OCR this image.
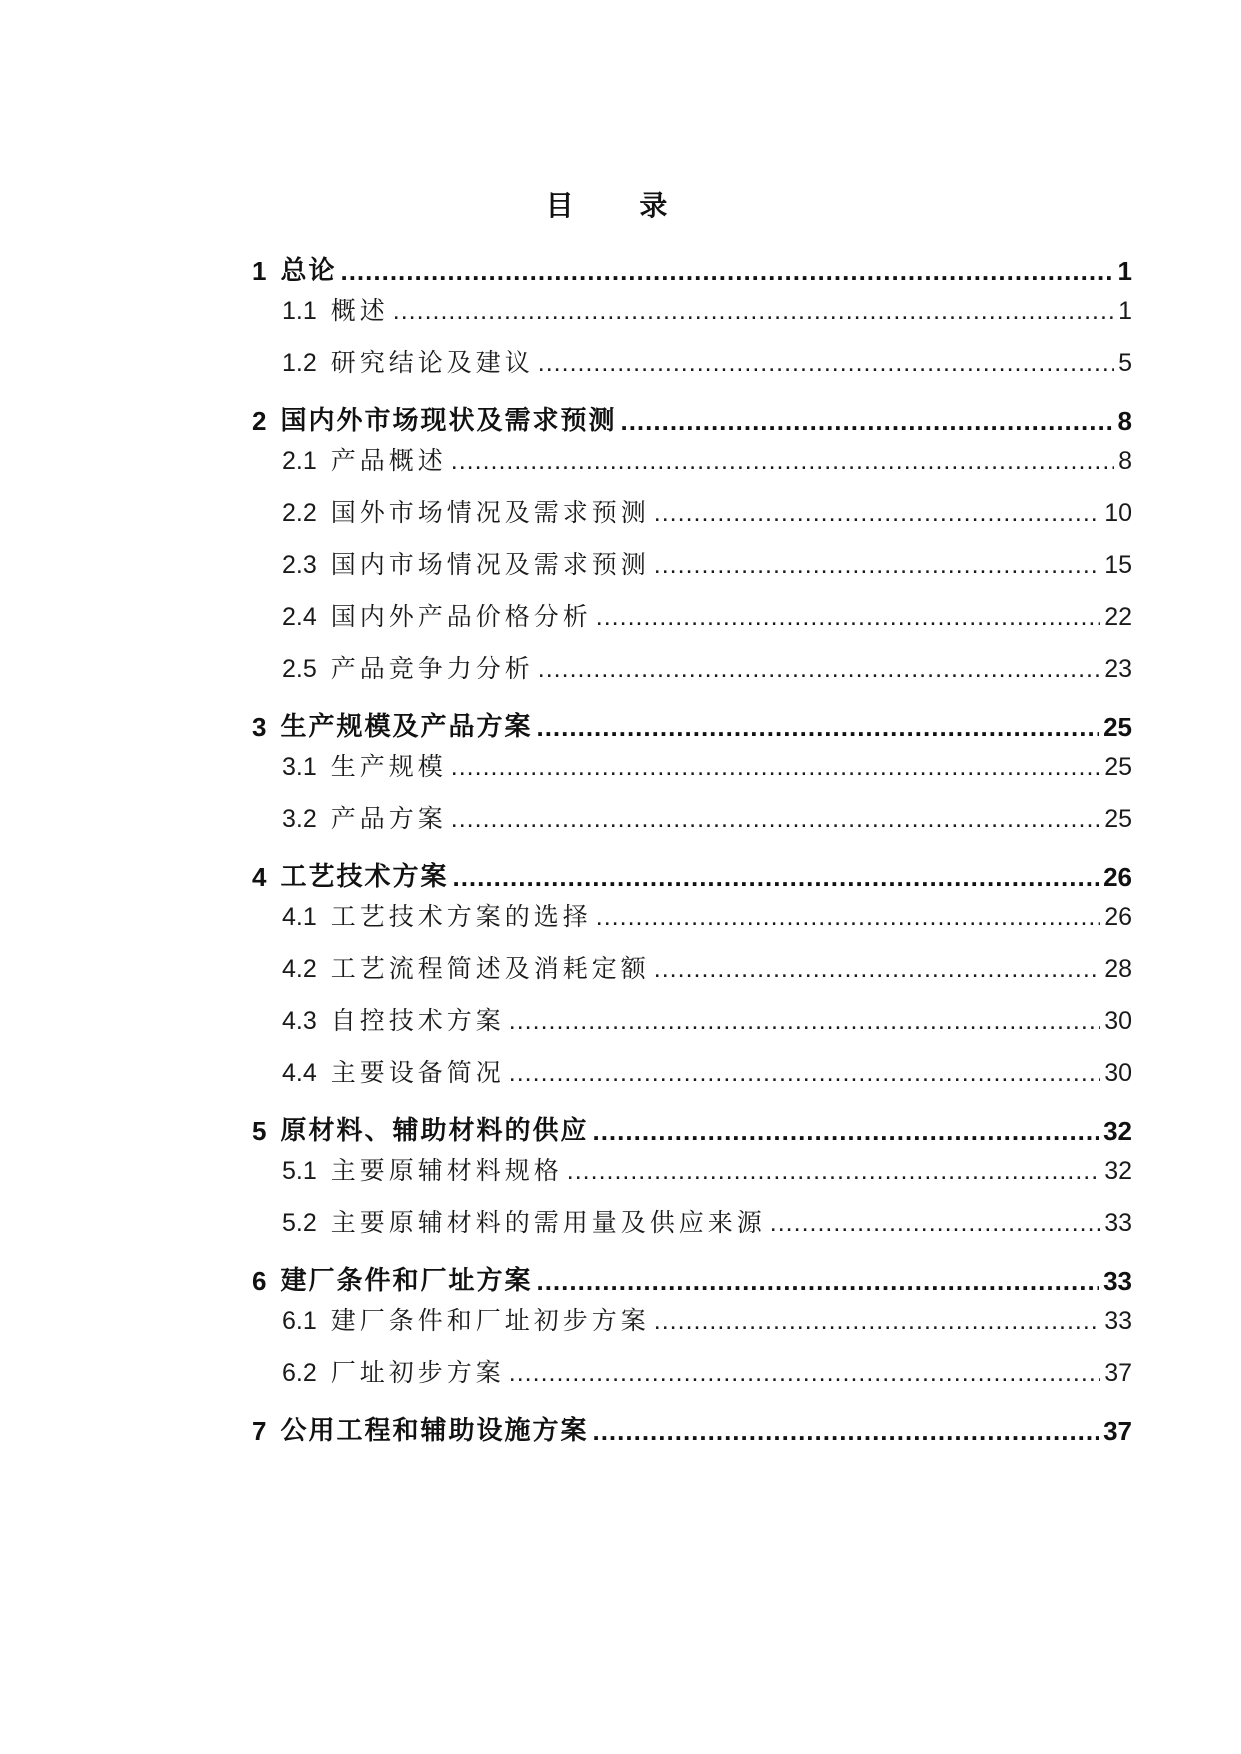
目 录
1 总论 .....	1
1.1 概述 .....	1
1.2 研究结论及建议 .....	5
2 国内外市场现状及需求预测 .....	8
2.1 产品概述 .....	8
2.2 国外市场情况及需求预测 .....	10
2.3 国内市场情况及需求预测 .....	15
2.4 国内外产品价格分析 .....	22
2.5 产品竞争力分析 .....	23
3 生产规模及产品方案 .....	25
3.1 生产规模 .....	25
3.2 产品方案 .....	25
4 工艺技术方案 .....	26
4.1 工艺技术方案的选择 .....	26
4.2 工艺流程简述及消耗定额 .....	28
4.3 自控技术方案 .....	30
4.4 主要设备简况 .....	30
5 原材料、辅助材料的供应 .....	32
5.1 主要原辅材料规格 .....	32
5.2 主要原辅材料的需用量及供应来源 .....	33
6 建厂条件和厂址方案 .....	33
6.1 建厂条件和厂址初步方案 .....	33
6.2 厂址初步方案 .....	37
7 公用工程和辅助设施方案 .....	37
